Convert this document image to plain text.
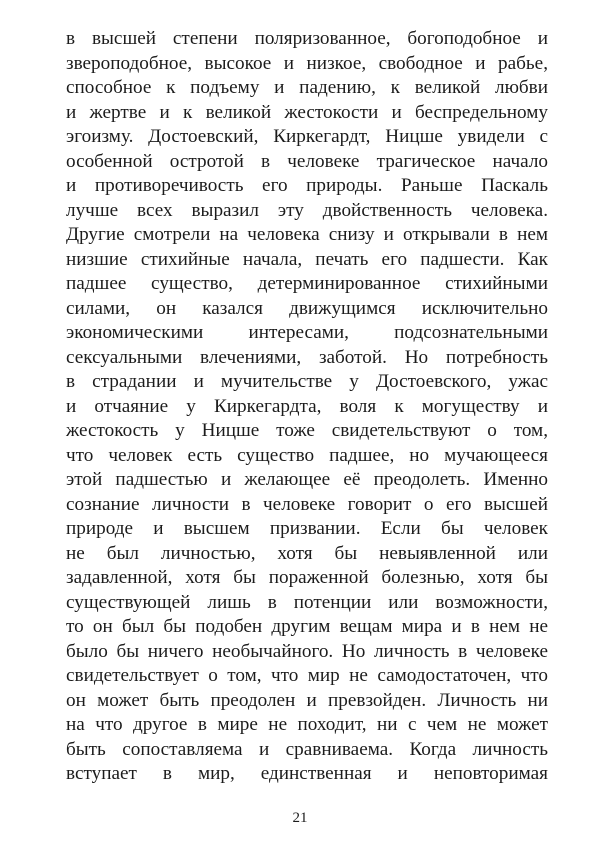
в высшей степени поляризованное, богоподобное и
звероподобное, высокое и низкое, свободное и рабье,
способное к подъему и падению, к великой любви
и жертве и к великой жестокости и беспредельному
эгоизму. Достоевский, Киркегардт, Ницше увидели с
особенной остротой в человеке трагическое начало
и противоречивость его природы. Раньше Паскаль
лучше всех выразил эту двойственность человека.
Другие смотрели на человека снизу и открывали в нем
низшие стихийные начала, печать его падшести. Как
падшее существо, детерминированное стихийными
силами, он казался движущимся исключительно
экономическими интересами, подсознательными
сексуальными влечениями, заботой. Но потребность
в страдании и мучительстве у Достоевского, ужас
и отчаяние у Киркегардта, воля к могуществу и
жестокость у Ницше тоже свидетельствуют о том,
что человек есть существо падшее, но мучающееся
этой падшестью и желающее её преодолеть. Именно
сознание личности в человеке говорит о его высшей
природе и высшем призвании. Если бы человек
не был личностью, хотя бы невыявленной или
задавленной, хотя бы пораженной болезнью, хотя бы
существующей лишь в потенции или возможности,
то он был бы подобен другим вещам мира и в нем не
было бы ничего необычайного. Но личность в человеке
свидетельствует о том, что мир не самодостаточен, что
он может быть преодолен и превзойден. Личность ни
на что другое в мире не походит, ни с чем не может
быть сопоставляема и сравниваема. Когда личность
вступает в мир, единственная и неповторимая
21
